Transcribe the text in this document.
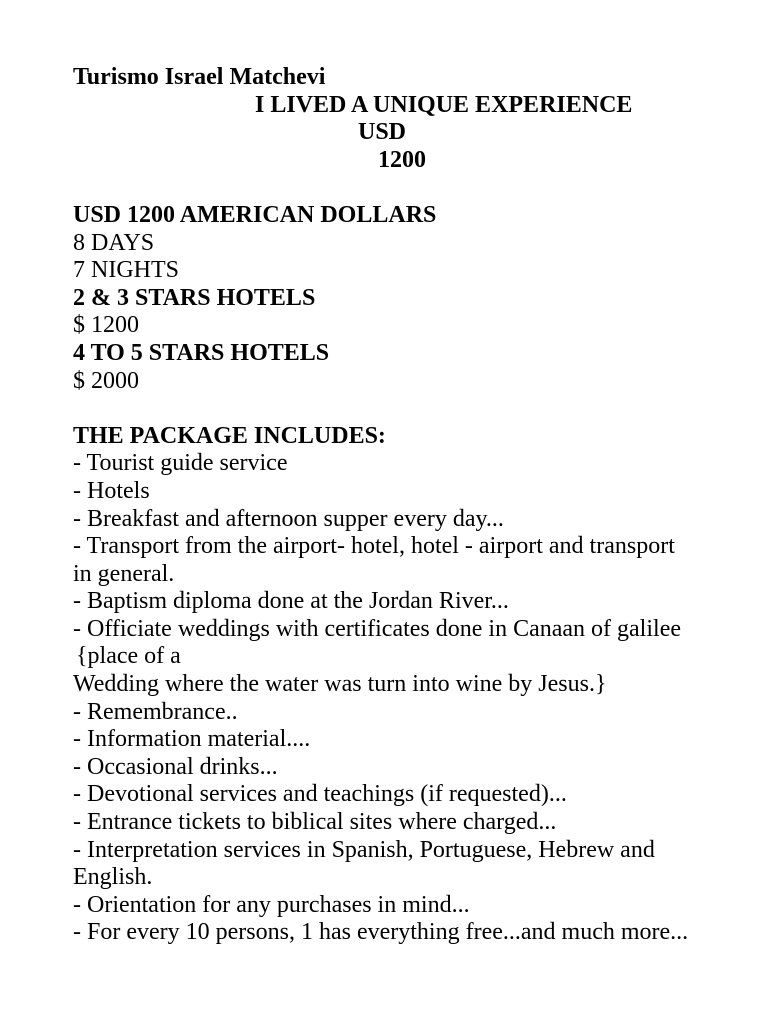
Turismo Israel Matchevi
I LIVED A UNIQUE EXPERIENCE
USD
1200

USD 1200 AMERICAN DOLLARS
8 DAYS
7 NIGHTS
2 & 3 STARS HOTELS
$ 1200
4 TO 5 STARS HOTELS
$ 2000

THE PACKAGE INCLUDES:
- Tourist guide service
- Hotels
- Breakfast and afternoon supper every day...
- Transport from the airport- hotel, hotel - airport and transport
in general.
- Baptism diploma done at the Jordan River...
- Officiate weddings with certificates done in Canaan of galilee
{place of a
Wedding where the water was turn into wine by Jesus.}
- Remembrance..
- Information material....
- Occasional drinks...
- Devotional services and teachings (if requested)...
- Entrance tickets to biblical sites where charged...
- Interpretation services in Spanish, Portuguese, Hebrew and
English.
- Orientation for any purchases in mind...
- For every 10 persons, 1 has everything free...and much more...
